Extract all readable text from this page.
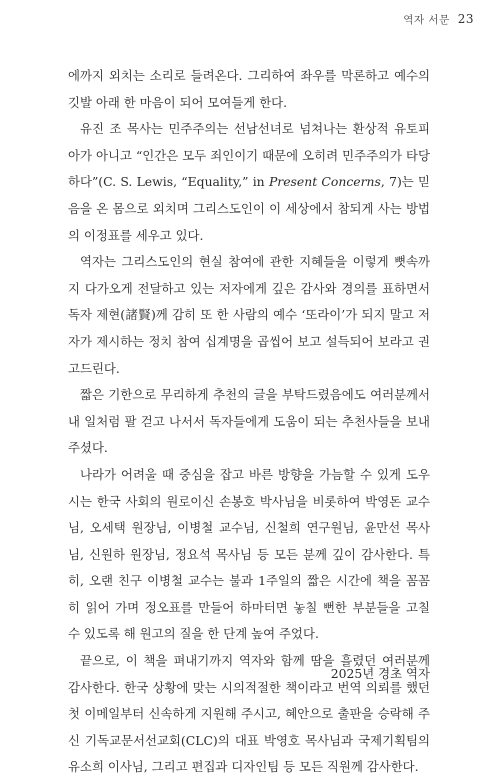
역자 서문 23

에까지 외치는 소리로 들려온다. 그리하여 좌우를 막론하고 예수의 깃발 아래 한 마음이 되어 모여들게 한다.

유진 조 목사는 민주주의는 선남선녀로 넘쳐나는 환상적 유토피아가 아니고 “인간은 모두 죄인이기 때문에 오히려 민주주의가 타당하다”(C. S. Lewis, “Equality,” in Present Concerns, 7)는 믿음을 온 몸으로 외치며 그리스도인이 이 세상에서 참되게 사는 방법의 이정표를 세우고 있다.

역자는 그리스도인의 현실 참여에 관한 지혜들을 이렇게 뼛속까지 다가오게 전달하고 있는 저자에게 깊은 감사와 경의를 표하면서 독자 제현(諸賢)께 감히 또 한 사람의 예수 ‘또라이’가 되지 말고 저자가 제시하는 정치 참여 십계명을 곱씹어 보고 설득되어 보라고 권고드린다.

짧은 기한으로 무리하게 추천의 글을 부탁드렸음에도 여러분께서 내 일처럼 팔 걷고 나서서 독자들에게 도움이 되는 추천사들을 보내주셨다.

나라가 어려울 때 중심을 잡고 바른 방향을 가늠할 수 있게 도우시는 한국 사회의 원로이신 손봉호 박사님을 비롯하여 박영돈 교수님, 오세택 원장님, 이병철 교수님, 신철희 연구원님, 윤만선 목사님, 신원하 원장님, 정요석 목사님 등 모든 분께 깊이 감사한다. 특히, 오랜 친구 이병철 교수는 불과 1주일의 짧은 시간에 책을 꼼꼼히 읽어 가며 정오표를 만들어 하마터면 놓칠 뻔한 부분들을 고칠 수 있도록 해 원고의 질을 한 단계 높여 주었다.

끝으로, 이 책을 펴내기까지 역자와 함께 땀을 흘렸던 여러분께 감사한다. 한국 상황에 맞는 시의적절한 책이라고 번역 의뢰를 했던 첫 이메일부터 신속하게 지원해 주시고, 혜안으로 출판을 승락해 주신 기독교문서선교회(CLC)의 대표 박영호 목사님과 국제기획팀의 유소희 이사님, 그리고 편집과 디자인팀 등 모든 직원께 감사한다.

2025년 경초 역자
